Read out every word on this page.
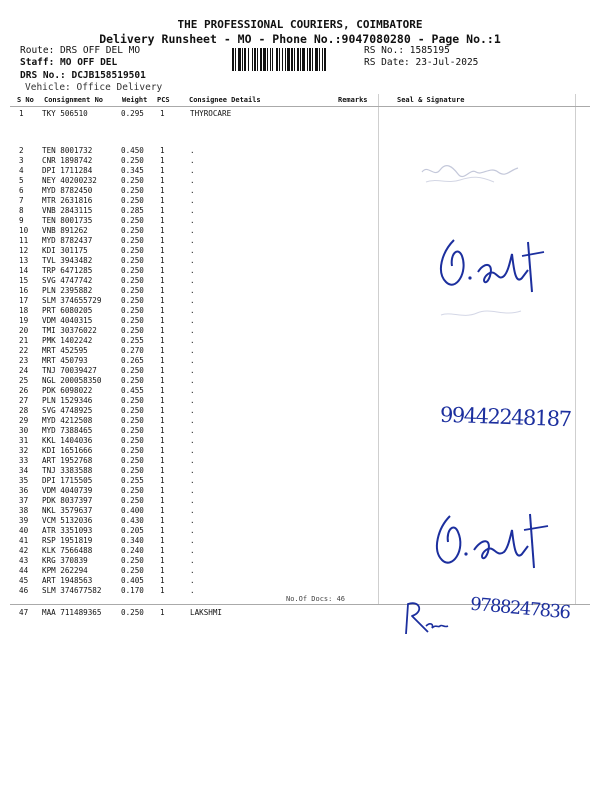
THE PROFESSIONAL COURIERS, COIMBATORE
Delivery Runsheet - MO - Phone No.:9047080280 - Page No.:1
Route: DRS OFF DEL MO
Staff: MO OFF DEL
DRS No.: DCJB158519501
Vehicle: Office Delivery
RS No.: 1585195
RS Date: 23-Jul-2025
S No Consignment No	Weight PCS	Consignee Details	Remarks	Seal & Signature
1 TKY 506510	0.295 1	THYROCARE
2 TEN 8001732	0.450 1	.
3 CNR 1898742	0.250 1	.
4 DPI 1711284	0.345 1	.
5 NEY 40200232	0.250 1	.
6 MYD 8782450	0.250 1	.
7 MTR 2631816	0.250 1	.
8 VNB 2843115	0.285 1	.
9 TEN 8001735	0.250 1	.
10 VNB 891262	0.250 1	.
11 MYD 8782437	0.250 1	.
12 KDI 301175	0.250 1	.
13 TVL 3943482	0.250 1	.
14 TRP 6471285	0.250 1	.
15 SVG 4747742	0.250 1	.
16 PLN 2395882	0.250 1	.
17 SLM 374655729	0.250 1	.
18 PRT 6080205	0.250 1	.
19 VDM 4040315	0.250 1	.
20 TMI 30376022	0.250 1	.
21 PMK 1402242	0.255 1	.
22 MRT 452595	0.270 1	.
23 MRT 450793	0.265 1	.
24 TNJ 70039427	0.250 1	.
25 NGL 200058350	0.250 1	.
26 PDK 6098022	0.455 1	.
27 PLN 1529346	0.250 1	.
28 SVG 4748925	0.250 1	.
29 MYD 4212508	0.250 1	.
30 MYD 7388465	0.250 1	.
31 KKL 1404036	0.250 1	.
32 KDI 1651666	0.250 1	.
33 ART 1952768	0.250 1	.
34 TNJ 3383588	0.250 1	.
35 DPI 1715505	0.255 1	.
36 VDM 4040739	0.250 1	.
37 PDK 8037397	0.250 1	.
38 NKL 3579637	0.400 1	.
39 VCM 5132036	0.430 1	.
40 ATR 3351093	0.205 1	.
41 RSP 1951819	0.340 1	.
42 KLK 7566488	0.240 1	.
43 KRG 370839	0.250 1	.
44 KPM 262294	0.250 1	.
45 ART 1948563	0.405 1	.
46 SLM 374677582	0.170 1	.
47 MAA 711489365	0.250 1	LAKSHMI
No.Of Docs: 46
99442248187
9788247836
